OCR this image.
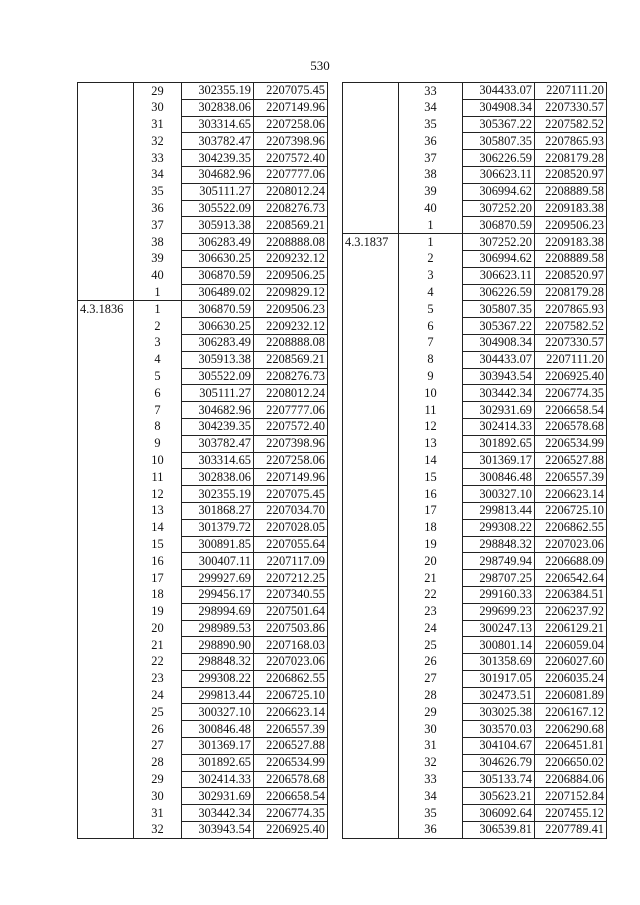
530
	29	302355.19	2207075.45
	30	302838.06	2207149.96
	31	303314.65	2207258.06
	32	303782.47	2207398.96
	33	304239.35	2207572.40
	34	304682.96	2207777.06
	35	305111.27	2208012.24
	36	305522.09	2208276.73
	37	305913.38	2208569.21
	38	306283.49	2208888.08
	39	306630.25	2209232.12
	40	306870.59	2209506.25
	1	306489.02	2209829.12
4.3.1836	1	306870.59	2209506.23
	2	306630.25	2209232.12
	3	306283.49	2208888.08
	4	305913.38	2208569.21
	5	305522.09	2208276.73
	6	305111.27	2208012.24
	7	304682.96	2207777.06
	8	304239.35	2207572.40
	9	303782.47	2207398.96
	10	303314.65	2207258.06
	11	302838.06	2207149.96
	12	302355.19	2207075.45
	13	301868.27	2207034.70
	14	301379.72	2207028.05
	15	300891.85	2207055.64
	16	300407.11	2207117.09
	17	299927.69	2207212.25
	18	299456.17	2207340.55
	19	298994.69	2207501.64
	20	298989.53	2207503.86
	21	298890.90	2207168.03
	22	298848.32	2207023.06
	23	299308.22	2206862.55
	24	299813.44	2206725.10
	25	300327.10	2206623.14
	26	300846.48	2206557.39
	27	301369.17	2206527.88
	28	301892.65	2206534.99
	29	302414.33	2206578.68
	30	302931.69	2206658.54
	31	303442.34	2206774.35
	32	303943.54	2206925.40
	33	304433.07	2207111.20
	34	304908.34	2207330.57
	35	305367.22	2207582.52
	36	305807.35	2207865.93
	37	306226.59	2208179.28
	38	306623.11	2208520.97
	39	306994.62	2208889.58
	40	307252.20	2209183.38
	1	306870.59	2209506.23
4.3.1837	1	307252.20	2209183.38
	2	306994.62	2208889.58
	3	306623.11	2208520.97
	4	306226.59	2208179.28
	5	305807.35	2207865.93
	6	305367.22	2207582.52
	7	304908.34	2207330.57
	8	304433.07	2207111.20
	9	303943.54	2206925.40
	10	303442.34	2206774.35
	11	302931.69	2206658.54
	12	302414.33	2206578.68
	13	301892.65	2206534.99
	14	301369.17	2206527.88
	15	300846.48	2206557.39
	16	300327.10	2206623.14
	17	299813.44	2206725.10
	18	299308.22	2206862.55
	19	298848.32	2207023.06
	20	298749.94	2206688.09
	21	298707.25	2206542.64
	22	299160.33	2206384.51
	23	299699.23	2206237.92
	24	300247.13	2206129.21
	25	300801.14	2206059.04
	26	301358.69	2206027.60
	27	301917.05	2206035.24
	28	302473.51	2206081.89
	29	303025.38	2206167.12
	30	303570.03	2206290.68
	31	304104.67	2206451.81
	32	304626.79	2206650.02
	33	305133.74	2206884.06
	34	305623.21	2207152.84
	35	306092.64	2207455.12
	36	306539.81	2207789.41
